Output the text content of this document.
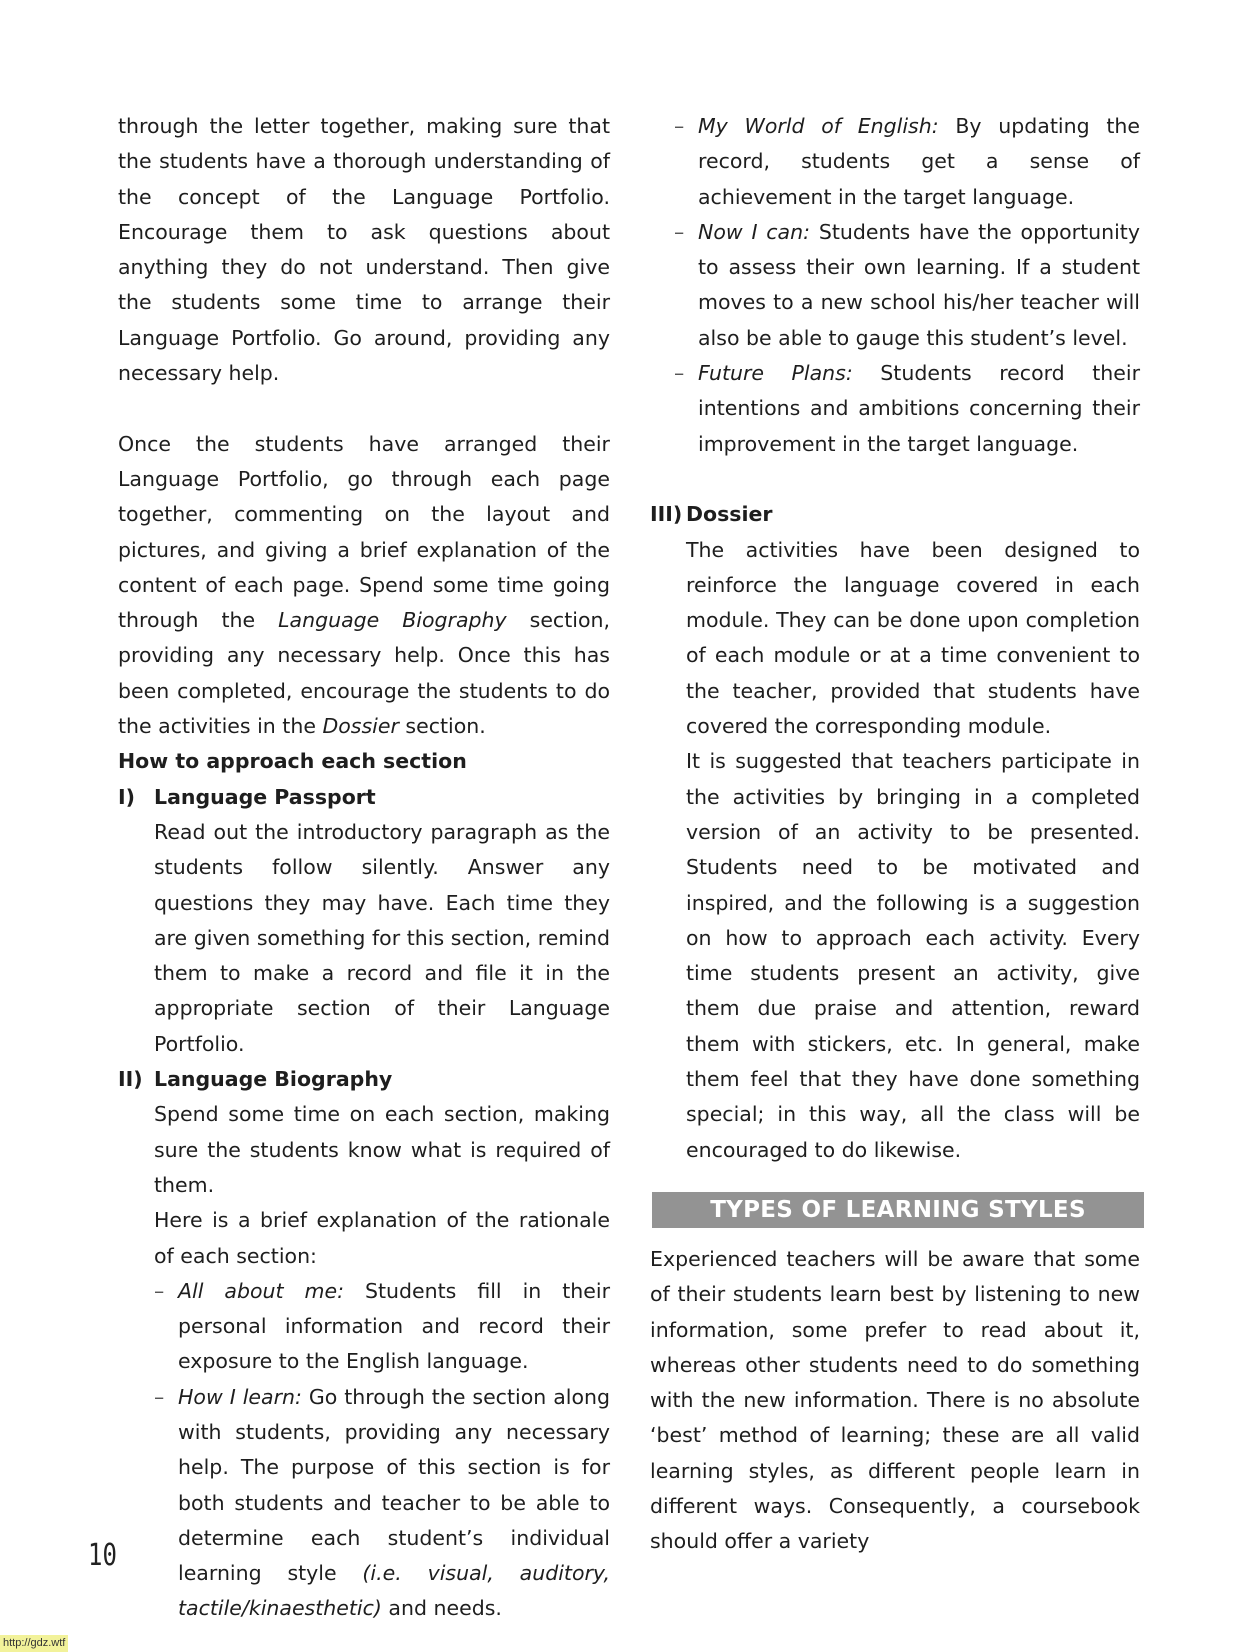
through the letter together, making sure that the students have a thorough understanding of the concept of the Language Portfolio. Encourage them to ask questions about anything they do not understand. Then give the students some time to arrange their Language Portfolio. Go around, providing any necessary help.

Once the students have arranged their Language Portfolio, go through each page together, commenting on the layout and pictures, and giving a brief explanation of the content of each page. Spend some time going through the Language Biography section, providing any necessary help. Once this has been completed, encourage the students to do the activities in the Dossier section.

How to approach each section

I) Language Passport

Read out the introductory paragraph as the students follow silently. Answer any questions they may have. Each time they are given something for this section, remind them to make a record and file it in the appropriate section of their Language Portfolio.

II) Language Biography

Spend some time on each section, making sure the students know what is required of them.

Here is a brief explanation of the rationale of each section:

– All about me: Students fill in their personal information and record their exposure to the English language.

– How I learn: Go through the section along with students, providing any necessary help. The purpose of this section is for both students and teacher to be able to determine each student’s individual learning style (i.e. visual, auditory, tactile/kinaesthetic) and needs.

– My World of English: By updating the record, students get a sense of achievement in the target language.

– Now I can: Students have the opportunity to assess their own learning. If a student moves to a new school his/her teacher will also be able to gauge this student’s level.

– Future Plans: Students record their intentions and ambitions concerning their improvement in the target language.

III) Dossier

The activities have been designed to reinforce the language covered in each module. They can be done upon completion of each module or at a time convenient to the teacher, provided that students have covered the corresponding module.

It is suggested that teachers participate in the activities by bringing in a completed version of an activity to be presented. Students need to be motivated and inspired, and the following is a suggestion on how to approach each activity. Every time students present an activity, give them due praise and attention, reward them with stickers, etc. In general, make them feel that they have done something special; in this way, all the class will be encouraged to do likewise.

TYPES OF LEARNING STYLES

Experienced teachers will be aware that some of their students learn best by listening to new information, some prefer to read about it, whereas other students need to do something with the new information. There is no absolute ‘best’ method of learning; these are all valid learning styles, as different people learn in different ways. Consequently, a coursebook should offer a variety

10
http://gdz.wtf
